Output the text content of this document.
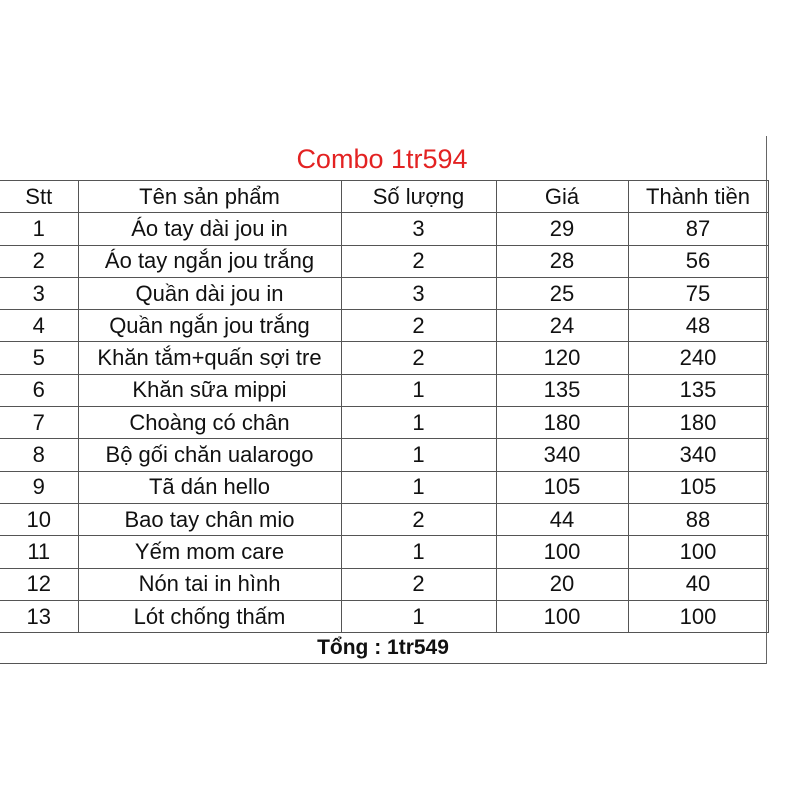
Combo 1tr594
Stt	Tên sản phẩm	Số lượng	Giá	Thành tiền
1	Áo tay dài jou in	3	29	87
2	Áo tay ngắn jou trắng	2	28	56
3	Quần dài jou in	3	25	75
4	Quần ngắn jou trắng	2	24	48
5	Khăn tắm+quấn sợi tre	2	120	240
6	Khăn sữa mippi	1	135	135
7	Choàng có chân	1	180	180
8	Bộ gối chăn ualarogo	1	340	340
9	Tã dán hello	1	105	105
10	Bao tay chân mio	2	44	88
11	Yếm mom care	1	100	100
12	Nón tai in hình	2	20	40
13	Lót chống thấm	1	100	100
Tổng : 1tr549
